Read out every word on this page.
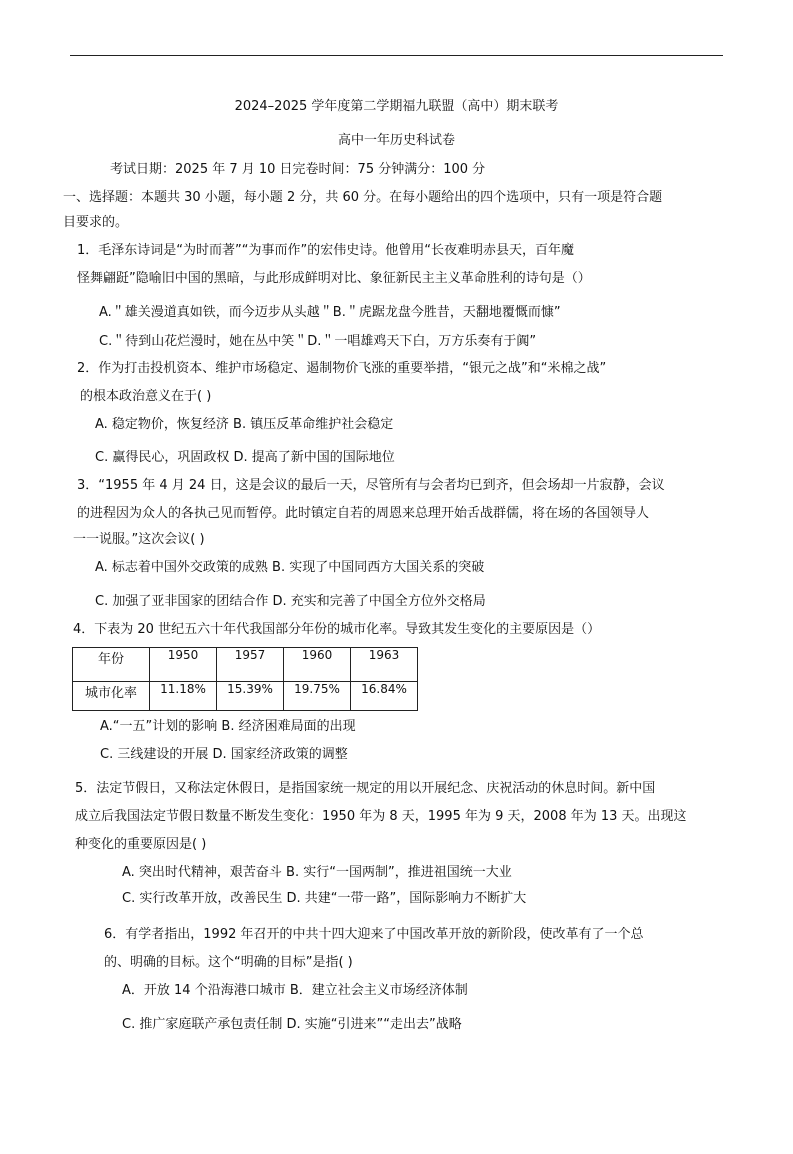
2024–2025 学年度第二学期福九联盟（高中）期末联考
高中一年历史科试卷
考试日期：2025 年 7 月 10 日完卷时间：75 分钟满分：100 分
一、选择题：本题共 30 小题，每小题 2 分，共 60 分。在每小题给出的四个选项中，只有一项是符合题
目要求的。
1．毛泽东诗词是“为时而著”“为事而作”的宏伟史诗。他曾用“长夜难明赤县天，百年魔
怪舞翩跹”隐喻旧中国的黑暗，与此形成鲜明对比、象征新民主主义革命胜利的诗句是（）
A.＂雄关漫道真如铁，而今迈步从头越＂B.＂虎踞龙盘今胜昔，天翻地覆慨而慷”
C.＂待到山花烂漫时，她在丛中笑＂D.＂一唱雄鸡天下白，万方乐奏有于阗”
2．作为打击投机资本、维护市场稳定、遏制物价飞涨的重要举措，“银元之战”和“米棉之战”
的根本政治意义在于( )
A. 稳定物价，恢复经济 B. 镇压反革命维护社会稳定
C. 赢得民心，巩固政权 D. 提高了新中国的国际地位
3．“1955 年 4 月 24 日，这是会议的最后一天，尽管所有与会者均已到齐，但会场却一片寂静，会议
的进程因为众人的各执己见而暂停。此时镇定自若的周恩来总理开始舌战群儒，将在场的各国领导人
一一说服。”这次会议( )
A. 标志着中国外交政策的成熟 B. 实现了中国同西方大国关系的突破
C. 加强了亚非国家的团结合作 D. 充实和完善了中国全方位外交格局
4．下表为 20 世纪五六十年代我国部分年份的城市化率。导致其发生变化的主要原因是（）
年份	1950	1957	1960	1963
城市化率	11.18%	15.39%	19.75%	16.84%
A.“一五”计划的影响 B. 经济困难局面的出现
C. 三线建设的开展 D. 国家经济政策的调整
5．法定节假日，又称法定休假日，是指国家统一规定的用以开展纪念、庆祝活动的休息时间。新中国
成立后我国法定节假日数量不断发生变化：1950 年为 8 天，1995 年为 9 天，2008 年为 13 天。出现这
种变化的重要原因是( )
A. 突出时代精神，艰苦奋斗 B. 实行“一国两制”，推进祖国统一大业
C. 实行改革开放，改善民生 D. 共建“一带一路”，国际影响力不断扩大
6．有学者指出，1992 年召开的中共十四大迎来了中国改革开放的新阶段，使改革有了一个总
的、明确的目标。这个“明确的目标”是指( )
A．开放 14 个沿海港口城市 B．建立社会主义市场经济体制
C. 推广家庭联产承包责任制 D. 实施“引进来”“走出去”战略
